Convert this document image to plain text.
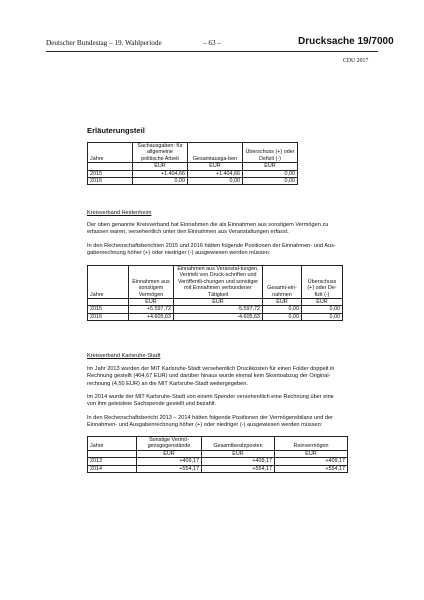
Deutscher Bundestag – 19. Wahlperiode	– 63 –	Drucksache 19/7000
CDU 2017
Erläuterungsteil
Jahre	Sachausgaben: für allgemeine politische Arbeit	Gesamtausga-ben	Überschuss (+) oder Defizit (-)
	EUR	EUR	EUR
2015	+1.404,66	+1.404,66	0,00
2016	0,00	0,00	0,00
Kreisverband Heidenheim
Der oben genannte Kreisverband hat Einnahmen die als Einnahmen aus sonstigem Vermögen zu
erfassen waren, versehentlich unter den Einnahmen aus Veranstaltungen erfasst.
In den Rechenschaftsberichten 2015 und 2016 hätten folgende Positionen der Einnahmen- und Aus-
gabenrechnung höher (+) oder niedriger (-) ausgewiesen werden müssen:
Jahre	Einnahmen aus sonstigem Vermögen	Einnahmen aus Veranstal-tungen, Vertrieb von Druck-schriften und Veröffentli-chungen und sonstiger mit Einnahmen verbundener Tätigkeit	Gesamt-ein-nahmen	Überschuss (+) oder De-fizit (-)
	EUR	EUR	EUR	EUR
2015	+5.597,72	-5.597,72	0,00	0,00
2016	+4.605,63	-4.605,63	0,00	0,00
Kreisverband Karlsruhe-Stadt
Im Jahr 2013 wurden der MIT Karlsruhe-Stadt versehentlich Druckkosten für einen Folder doppelt in
Rechnung gestellt (404,67 EUR) und darüber hinaus wurde einmal kein Skontoabzug der Original-
rechnung (4,50 EUR) an die MIT Karlsruhe-Stadt weitergegeben.
Im 2014 wurde der MIT Karlsruhe-Stadt von einem Spender versehentlich eine Rechnung über eine
von ihm geleistete Sachspende gestellt und bezahlt.
In den Rechenschaftsbericht 2013 – 2014 hätten folgende Positionen der Vermögensbilanz und der
Einnahmen- und Ausgabenrechnung höher (+) oder niedriger (-) ausgewiesen werden müssen:
Jahre	Sonstige Vermö-gensgegenstände	Gesamtbesitzposten	Reinvermögen
	EUR	EUR	EUR
2013	+409,17	+409,17	+409,17
2014	+554,17	+554,17	+554,17
